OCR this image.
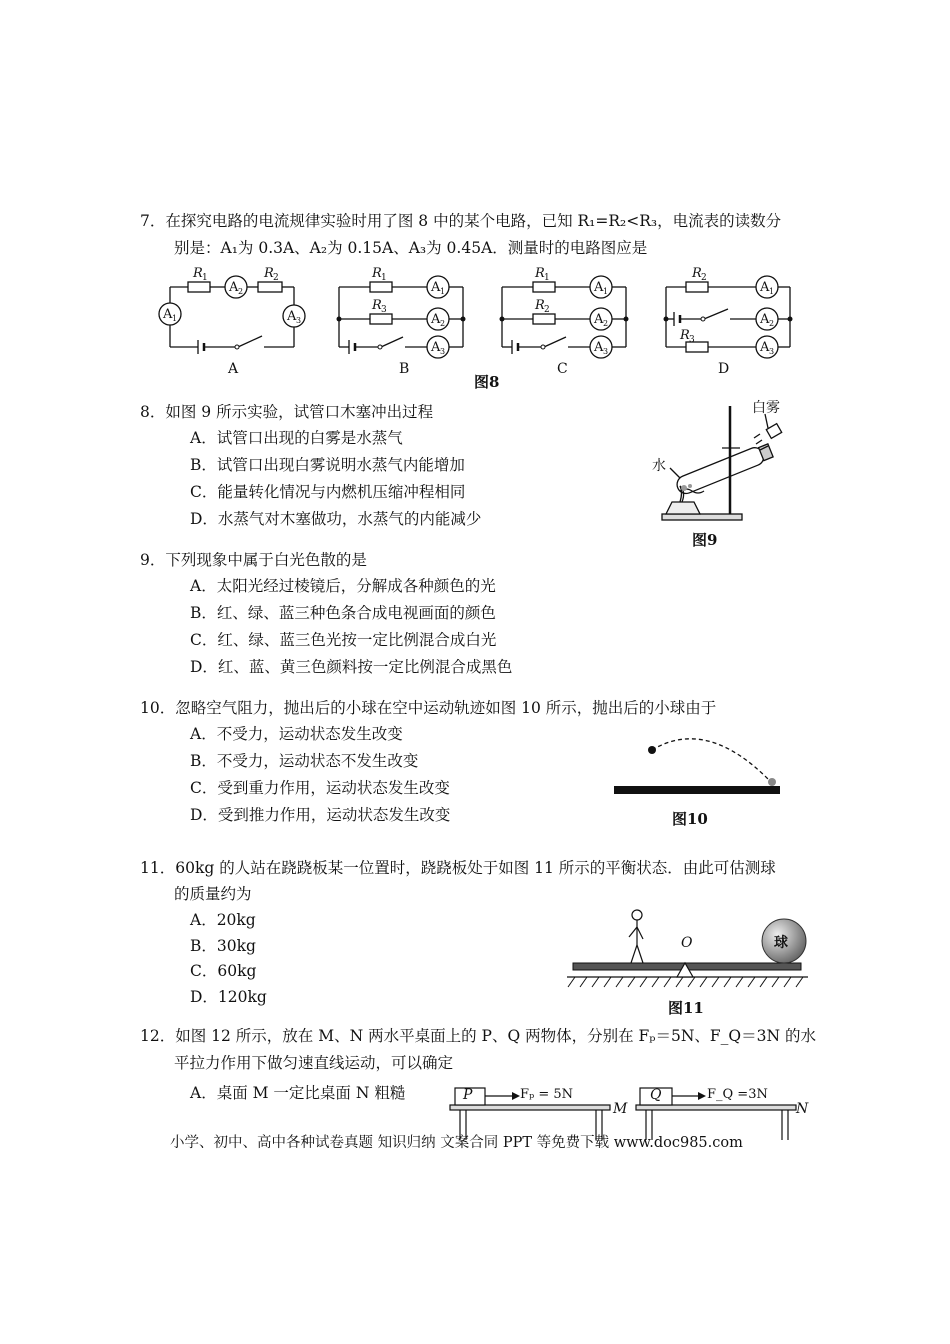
7．在探究电路的电流规律实验时用了图 8 中的某个电路，已知 R₁=R₂<R₃，电流表的读数分
别是：A₁为 0.3A、A₂为 0.15A、A₃为 0.45A．测量时的电路图应是
R 1	R 2
A 2
A 1	A 3
A
R 1
R 3
A 1
A 2
A 3
B
图8
R 1
R 2
A 1
A 2
A 3
C
R 2
R 3
A 1
A 2
A 3
D
8．如图 9 所示实验，试管口木塞冲出过程
A．试管口出现的白雾是水蒸气
B．试管口出现白雾说明水蒸气内能增加
C．能量转化情况与内燃机压缩冲程相同
D．水蒸气对木塞做功，水蒸气的内能减少
白雾
水
图9
9．下列现象中属于白光色散的是
A．太阳光经过棱镜后，分解成各种颜色的光
B．红、绿、蓝三种色条合成电视画面的颜色
C．红、绿、蓝三色光按一定比例混合成白光
D．红、蓝、黄三色颜料按一定比例混合成黑色
10．忽略空气阻力，抛出后的小球在空中运动轨迹如图 10 所示，抛出后的小球由于
A．不受力，运动状态发生改变
B．不受力，运动状态不发生改变
C．受到重力作用，运动状态发生改变
D．受到推力作用，运动状态发生改变	图10
11．60kg 的人站在跷跷板某一位置时，跷跷板处于如图 11 所示的平衡状态．由此可估测球
的质量约为
A．20kg
B．30kg
C．60kg
D．120kg
O	球
图11
12．如图 12 所示，放在 M、N 两水平桌面上的 P、Q 两物体，分别在 Fₚ＝5N、F_Q＝3N 的水
平拉力作用下做匀速直线运动，可以确定
A．桌面 M 一定比桌面 N 粗糙	P	Q
Fₚ = 5N	F_Q =3N
M	N
小学、初中、高中各种试卷真题 知识归纳 文案合同 PPT 等免费下载 www.doc985.com
